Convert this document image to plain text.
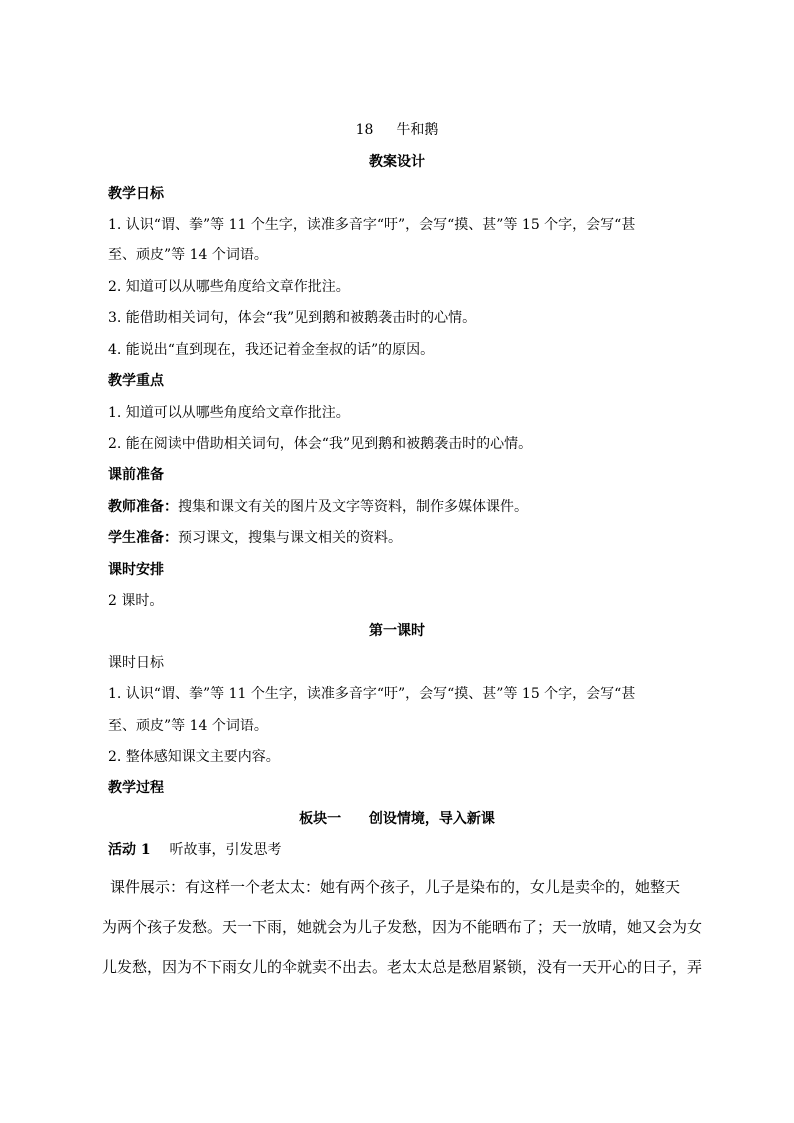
18 牛和鹅
教案设计
教学日标
1. 认识“谓、拳”等 11 个生字，读准多音字“吁”，会写“摸、甚”等 15 个字，会写“甚
至、顽皮”等 14 个词语。
2. 知道可以从哪些角度给文章作批注。
3. 能借助相关词句，体会“我”见到鹅和被鹅袭击时的心情。
4. 能说出“直到现在，我还记着金奎叔的话”的原因。
教学重点
1. 知道可以从哪些角度给文章作批注。
2. 能在阅读中借助相关词句，体会“我”见到鹅和被鹅袭击时的心情。
课前准备
教师准备：搜集和课文有关的图片及文字等资料，制作多媒体课件。
学生准备：预习课文，搜集与课文相关的资料。
课时安排
2 课时。
第一课时
课时日标
1. 认识“谓、拳”等 11 个生字，读准多音字“吁”，会写“摸、甚”等 15 个字，会写“甚
至、顽皮”等 14 个词语。
2. 整体感知课文主要内容。
教学过程
板块一 创设情境，导入新课
活动 1 听故事，引发思考
课件展示：有这样一个老太太：她有两个孩子，儿子是染布的，女儿是卖伞的，她整天
为两个孩子发愁。天一下雨，她就会为儿子发愁，因为不能晒布了；天一放晴，她又会为女
儿发愁，因为不下雨女儿的伞就卖不出去。老太太总是愁眉紧锁，没有一天开心的日子，弄
